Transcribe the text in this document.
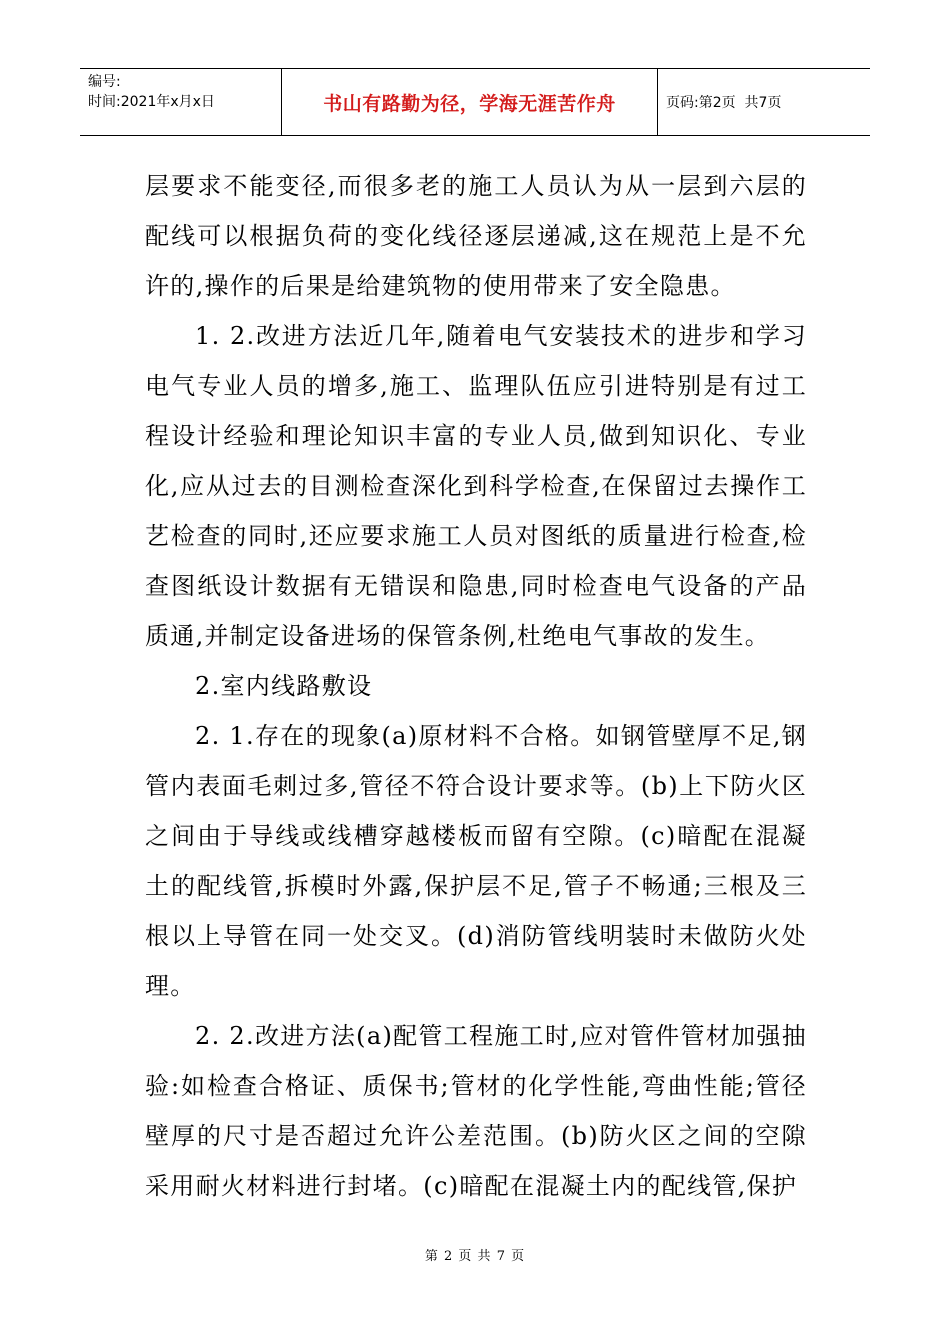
编号:
时间:2021年x月x日	书山有路勤为径，学海无涯苦作舟	页码: 第2页
共7页

层要求不能变径,而很多老的施工人员认为从一层到六层的配线可以根据负荷的变化线径逐层递减,这在规范上是不允许的,操作的后果是给建筑物的使用带来了安全隐患。

1. 2.改进方法近几年,随着电气安装技术的进步和学习电气专业人员的增多,施工、监理队伍应引进特别是有过工程设计经验和理论知识丰富的专业人员,做到知识化、专业化,应从过去的目测检查深化到科学检查,在保留过去操作工艺检查的同时,还应要求施工人员对图纸的质量进行检查,检查图纸设计数据有无错误和隐患,同时检查电气设备的产品质通,并制定设备进场的保管条例,杜绝电气事故的发生。

2.室内线路敷设

2. 1.存在的现象(a)原材料不合格。如钢管壁厚不足,钢管内表面毛刺过多,管径不符合设计要求等。(b)上下防火区之间由于导线或线槽穿越楼板而留有空隙。(c)暗配在混凝土的配线管,拆模时外露,保护层不足,管子不畅通;三根及三根以上导管在同一处交叉。(d)消防管线明装时未做防火处理。

2. 2.改进方法(a)配管工程施工时,应对管件管材加强抽验:如检查合格证、质保书;管材的化学性能,弯曲性能;管径壁厚的尺寸是否超过允许公差范围。(b)防火区之间的空隙采用耐火材料进行封堵。(c)暗配在混凝土内的配线管,保护

第 2 页 共 7 页
